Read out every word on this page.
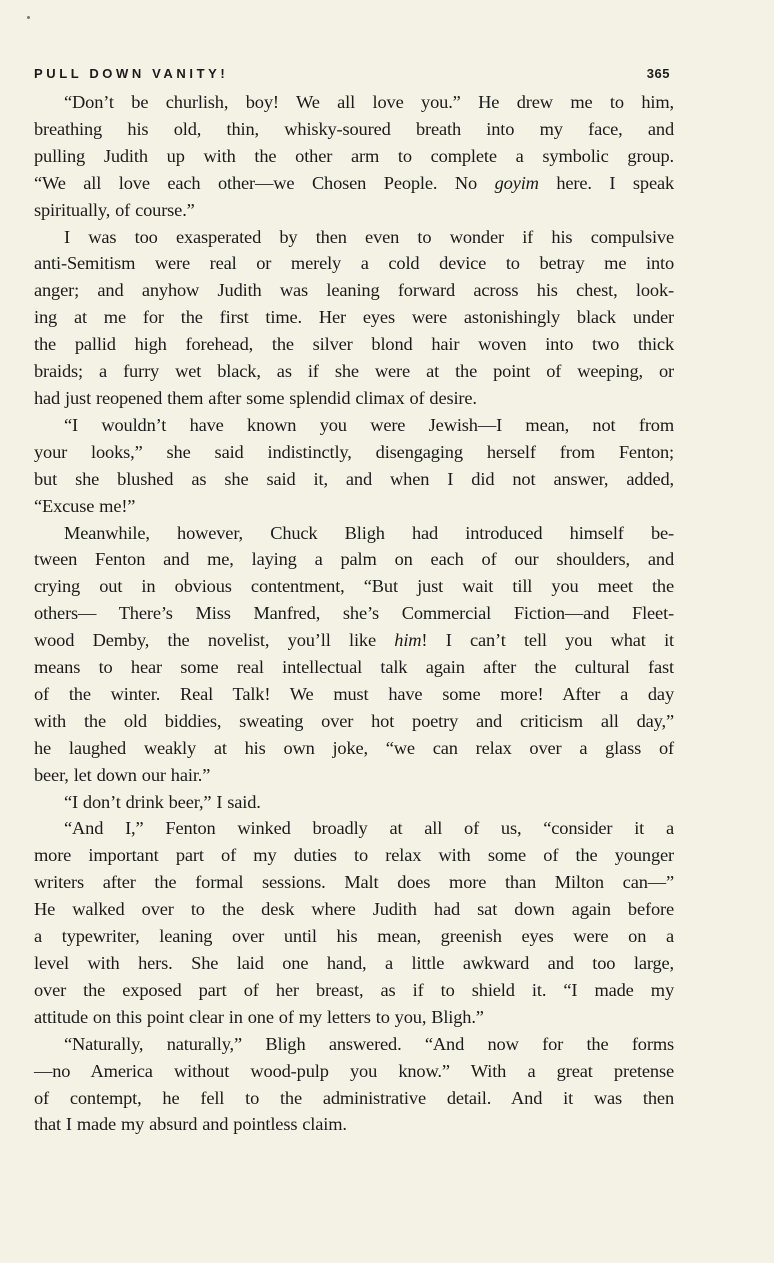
PULL DOWN VANITY!	365
“Don’t be churlish, boy! We all love you.” He drew me to him,
breathing his old, thin, whisky-soured breath into my face, and
pulling Judith up with the other arm to complete a symbolic group.
“We all love each other—we Chosen People. No goyim here. I speak
spiritually, of course.”
I was too exasperated by then even to wonder if his compulsive
anti-Semitism were real or merely a cold device to betray me into
anger; and anyhow Judith was leaning forward across his chest, look-
ing at me for the first time. Her eyes were astonishingly black under
the pallid high forehead, the silver blond hair woven into two thick
braids; a furry wet black, as if she were at the point of weeping, or
had just reopened them after some splendid climax of desire.
“I wouldn’t have known you were Jewish—I mean, not from
your looks,” she said indistinctly, disengaging herself from Fenton;
but she blushed as she said it, and when I did not answer, added,
“Excuse me!”
Meanwhile, however, Chuck Bligh had introduced himself be-
tween Fenton and me, laying a palm on each of our shoulders, and
crying out in obvious contentment, “But just wait till you meet the
others— There’s Miss Manfred, she’s Commercial Fiction—and Fleet-
wood Demby, the novelist, you’ll like him! I can’t tell you what it
means to hear some real intellectual talk again after the cultural fast
of the winter. Real Talk! We must have some more! After a day
with the old biddies, sweating over hot poetry and criticism all day,”
he laughed weakly at his own joke, “we can relax over a glass of
beer, let down our hair.”
“I don’t drink beer,” I said.
“And I,” Fenton winked broadly at all of us, “consider it a
more important part of my duties to relax with some of the younger
writers after the formal sessions. Malt does more than Milton can—”
He walked over to the desk where Judith had sat down again before
a typewriter, leaning over until his mean, greenish eyes were on a
level with hers. She laid one hand, a little awkward and too large,
over the exposed part of her breast, as if to shield it. “I made my
attitude on this point clear in one of my letters to you, Bligh.”
“Naturally, naturally,” Bligh answered. “And now for the forms
—no America without wood-pulp you know.” With a great pretense
of contempt, he fell to the administrative detail. And it was then
that I made my absurd and pointless claim.
